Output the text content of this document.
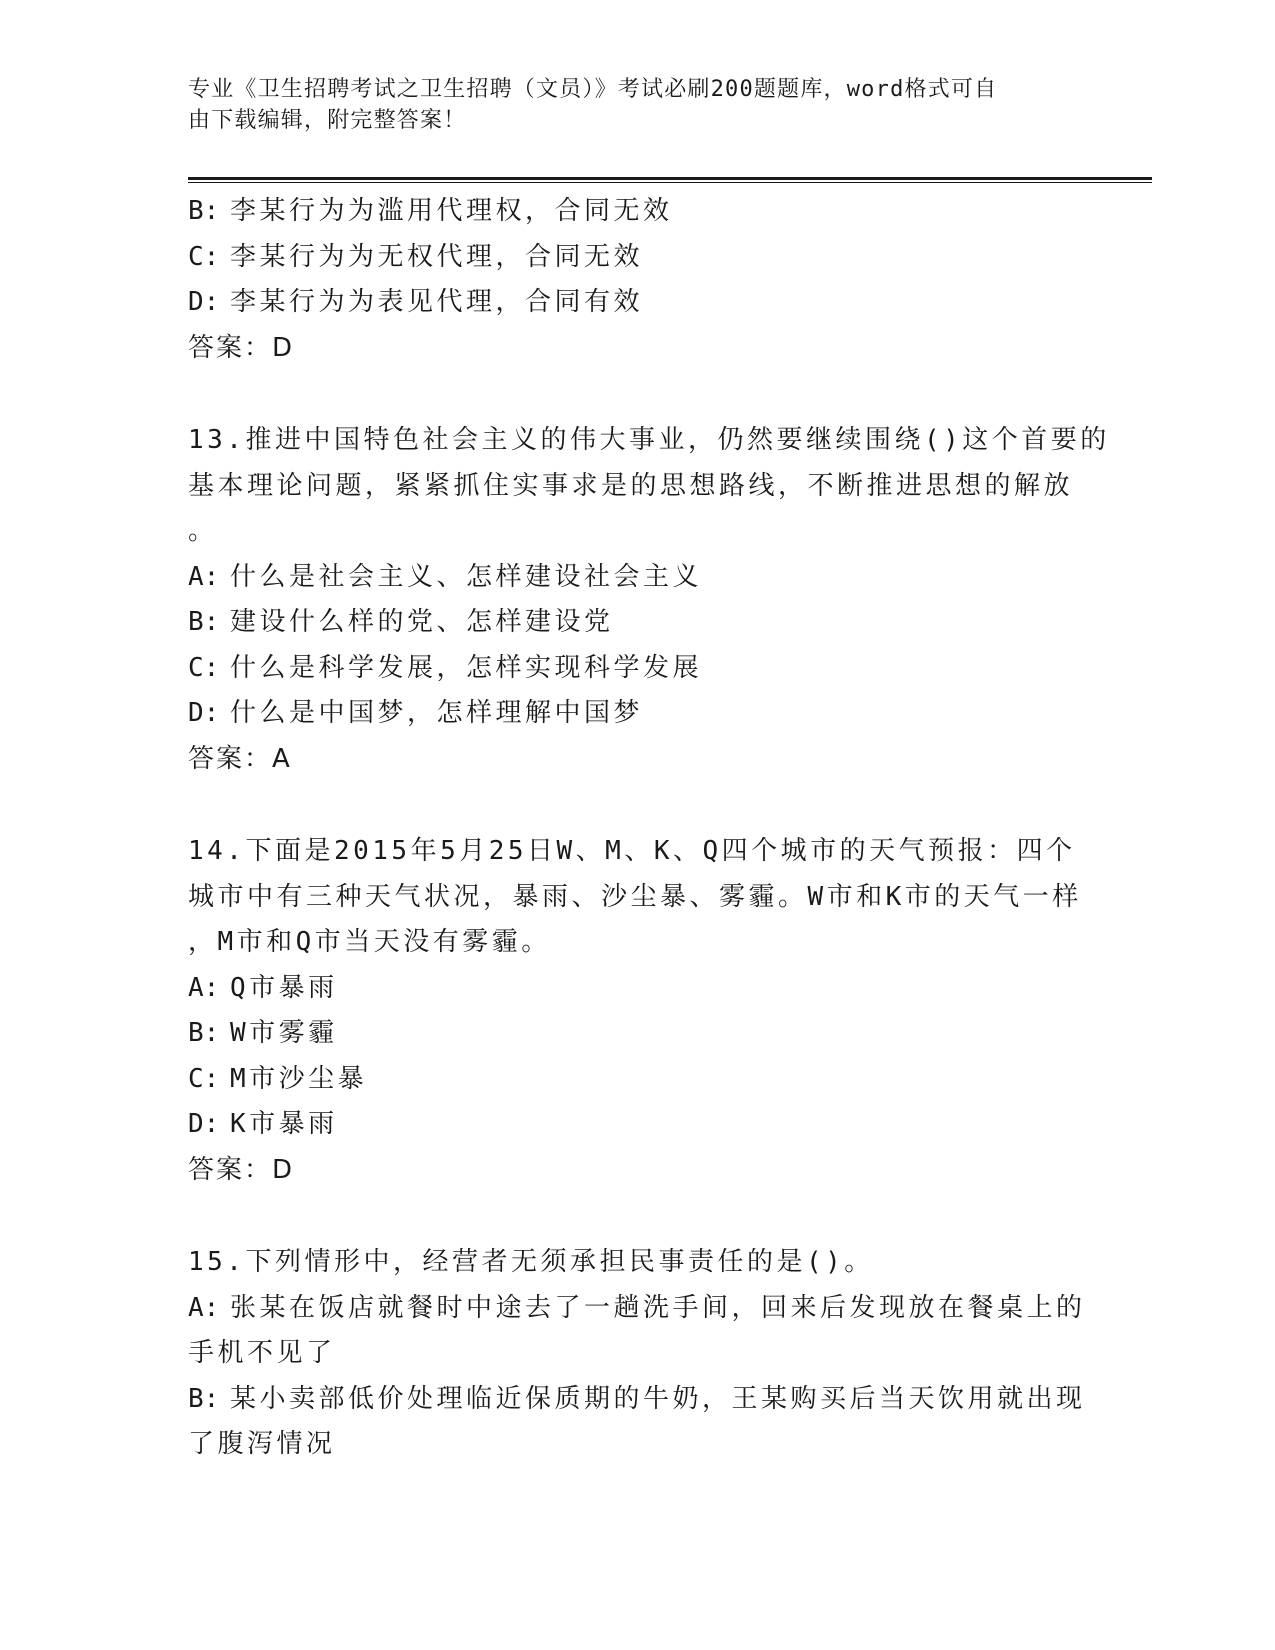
专业《卫生招聘考试之卫生招聘（文员）》考试必刷200题题库，word格式可自
由下载编辑，附完整答案！
B: 李某行为为滥用代理权，合同无效
C: 李某行为为无权代理，合同无效
D: 李某行为为表见代理，合同有效
答案：D
13.推进中国特色社会主义的伟大事业，仍然要继续围绕()这个首要的
基本理论问题，紧紧抓住实事求是的思想路线，不断推进思想的解放
。
A: 什么是社会主义、怎样建设社会主义
B: 建设什么样的党、怎样建设党
C: 什么是科学发展，怎样实现科学发展
D: 什么是中国梦，怎样理解中国梦
答案：A
14.下面是2015年5月25日W、M、K、Q四个城市的天气预报：四个
城市中有三种天气状况，暴雨、沙尘暴、雾霾。W市和K市的天气一样
，M市和Q市当天没有雾霾。
A: Q市暴雨
B: W市雾霾
C: M市沙尘暴
D: K市暴雨
答案：D
15.下列情形中，经营者无须承担民事责任的是()。
A: 张某在饭店就餐时中途去了一趟洗手间，回来后发现放在餐桌上的
手机不见了
B: 某小卖部低价处理临近保质期的牛奶，王某购买后当天饮用就出现
了腹泻情况
